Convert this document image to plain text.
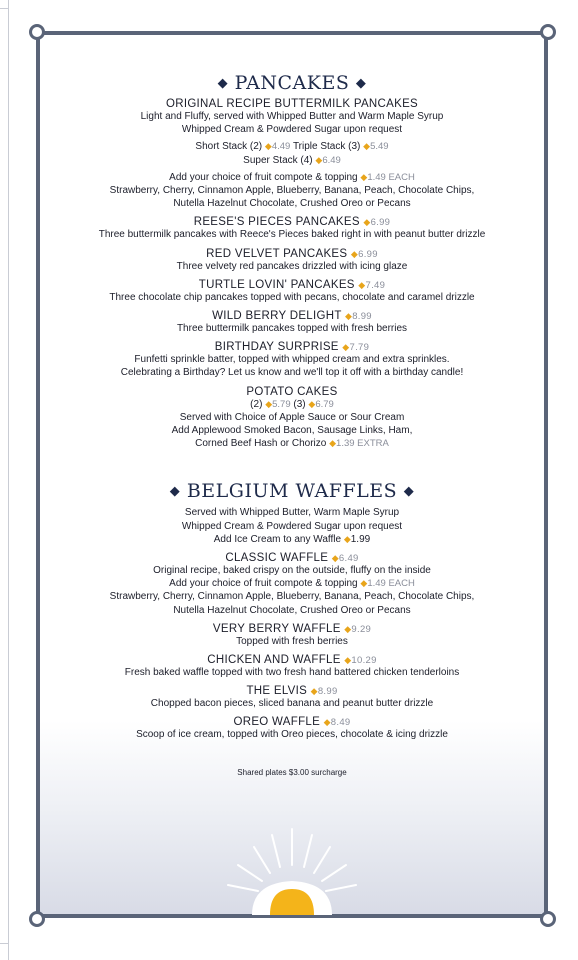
◆ PANCAKES ◆
ORIGINAL RECIPE BUTTERMILK PANCAKES
Light and Fluffy, served with Whipped Butter and Warm Maple Syrup
Whipped Cream & Powdered Sugar upon request
Short Stack (2) ◆4.49 Triple Stack (3) ◆5.49
Super Stack (4) ◆6.49
Add your choice of fruit compote & topping ◆1.49 EACH
Strawberry, Cherry, Cinnamon Apple, Blueberry, Banana, Peach, Chocolate Chips,
Nutella Hazelnut Chocolate, Crushed Oreo or Pecans
REESE'S PIECES PANCAKES ◆6.99
Three buttermilk pancakes with Reece's Pieces baked right in with peanut butter drizzle
RED VELVET PANCAKES ◆6.99
Three velvety red pancakes drizzled with icing glaze
TURTLE LOVIN' PANCAKES ◆7.49
Three chocolate chip pancakes topped with pecans, chocolate and caramel drizzle
WILD BERRY DELIGHT ◆8.99
Three buttermilk pancakes topped with fresh berries
BIRTHDAY SURPRISE ◆7.79
Funfetti sprinkle batter, topped with whipped cream and extra sprinkles.
Celebrating a Birthday? Let us know and we'll top it off with a birthday candle!
POTATO CAKES
(2) ◆5.79 (3) ◆6.79
Served with Choice of Apple Sauce or Sour Cream
Add Applewood Smoked Bacon, Sausage Links, Ham,
Corned Beef Hash or Chorizo ◆1.39 EXTRA
◆ BELGIUM WAFFLES ◆
Served with Whipped Butter, Warm Maple Syrup
Whipped Cream & Powdered Sugar upon request
Add Ice Cream to any Waffle ◆1.99
CLASSIC WAFFLE ◆6.49
Original recipe, baked crispy on the outside, fluffy on the inside
Add your choice of fruit compote & topping ◆1.49 EACH
Strawberry, Cherry, Cinnamon Apple, Blueberry, Banana, Peach, Chocolate Chips,
Nutella Hazelnut Chocolate, Crushed Oreo or Pecans
VERY BERRY WAFFLE ◆9.29
Topped with fresh berries
CHICKEN AND WAFFLE ◆10.29
Fresh baked waffle topped with two fresh hand battered chicken tenderloins
THE ELVIS ◆8.99
Chopped bacon pieces, sliced banana and peanut butter drizzle
OREO WAFFLE ◆8.49
Scoop of ice cream, topped with Oreo pieces, chocolate & icing drizzle
Shared plates $3.00 surcharge
